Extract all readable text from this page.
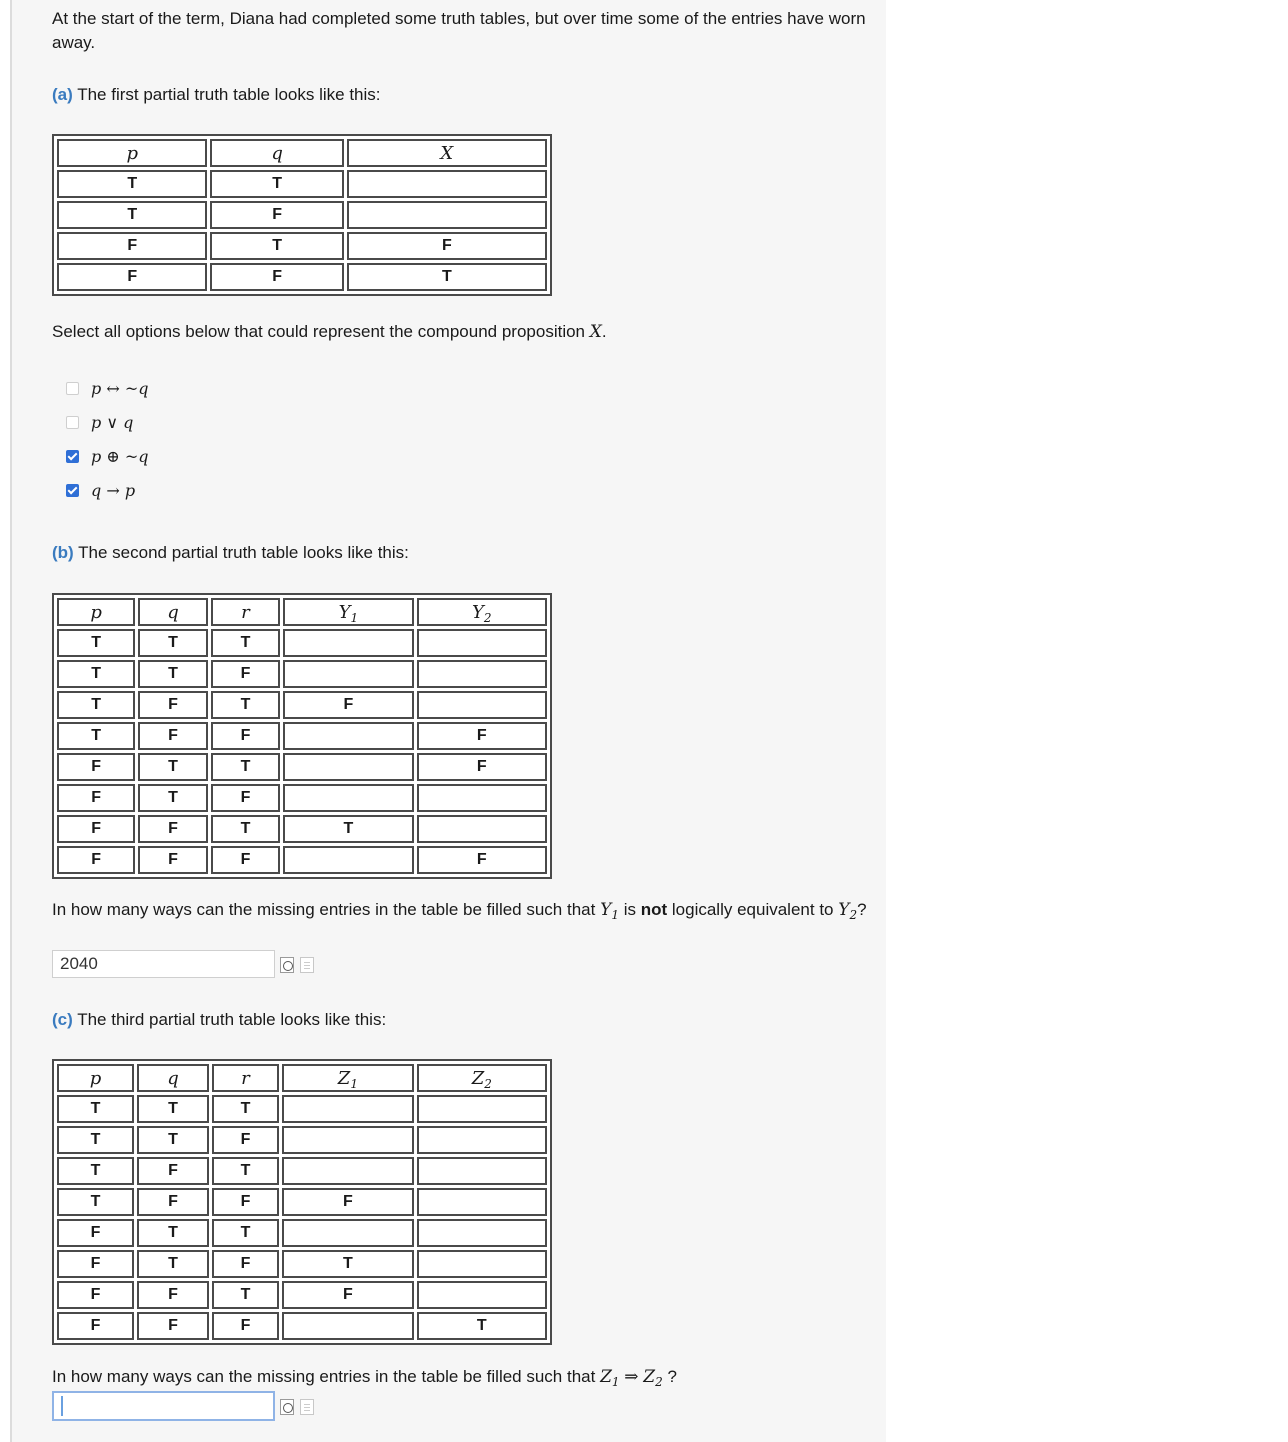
At the start of the term, Diana had completed some truth tables, but over time some of the entries have worn away.

(a) The first partial truth table looks like this:

p	q	X
T	T	
T	F	
F	T	F
F	F	T

Select all options below that could represent the compound proposition X.

p ↔ ~q
p ∨ q
p ⊕ ~q
q → p

(b) The second partial truth table looks like this:

p	q	r	$Y_1$	$Y_2$
T	T	T		
T	T	F		
T	F	T	F	
T	F	F		F
F	T	T		F
F	T	F		
F	F	T	T	
F	F	F		F

In how many ways can the missing entries in the table be filled such that $Y_1$ is not logically equivalent to $Y_2$?

2040

(c) The third partial truth table looks like this:

p	q	r	$Z_1$	$Z_2$
T	T	T		
T	T	F		
T	F	T		
T	F	F	F	
F	T	T		
F	T	F	T	
F	F	T	F	
F	F	F		T

In how many ways can the missing entries in the table be filled such that $Z_1$ ⇒ $Z_2$ ?
